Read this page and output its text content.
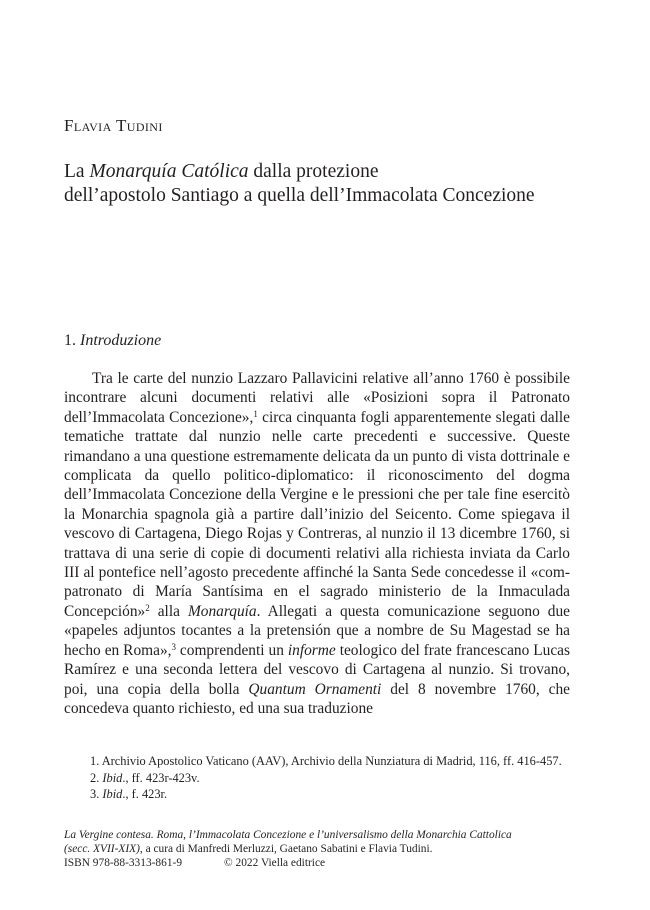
Flavia Tudini
La Monarquía Católica dalla protezione
dell’apostolo Santiago a quella dell’Immacolata Concezione
1. Introduzione

Tra le carte del nunzio Lazzaro Pallavicini relative all’anno 1760 è possibile incontrare alcuni documenti relativi alle «Posizioni sopra il Patronato dell’Immacolata Concezione»,$^1$ circa cinquanta fogli apparentemente slegati dalle tematiche trattate dal nunzio nelle carte precedenti e successive. Queste rimandano a una questione estremamente delicata da un punto di vista dottrinale e complicata da quello politico-diplomatico: il riconoscimento del dogma dell’Immacolata Concezione della Vergine e le pressioni che per tale fine esercitò la Monarchia spagnola già a partire dall’inizio del Seicento. Come spiegava il vescovo di Cartagena, Diego Rojas y Contreras, al nunzio il 13 dicembre 1760, si trattava di una serie di copie di documenti relativi alla richiesta inviata da Carlo III al pontefice nell’agosto precedente affinché la Santa Sede concedesse il «compatronato di María Santísima en el sagrado ministerio de la Inmaculada Concepción»$^2$ alla Monarquía. Allegati a questa comunicazione seguono due «papeles adjuntos tocantes a la pretensión que a nombre de Su Magestad se ha hecho en Roma»,$^3$ comprendenti un informe teologico del frate francescano Lucas Ramírez e una seconda lettera del vescovo di Cartagena al nunzio. Si trovano, poi, una copia della bolla Quantum Ornamenti del 8 novembre 1760, che concedeva quanto richiesto, ed una sua traduzione

1. Archivio Apostolico Vaticano (AAV), Archivio della Nunziatura di Madrid, 116, ff. 416-457.

2. Ibid., ff. 423r-423v.

3. Ibid., f. 423r.

La Vergine contesa. Roma, l’Immacolata Concezione e l’universalismo della Monarchia Cattolica
(secc. XVII-XIX), a cura di Manfredi Merluzzi, Gaetano Sabatini e Flavia Tudini.
ISBN 978-88-3313-861-9	© 2022 Viella editrice
